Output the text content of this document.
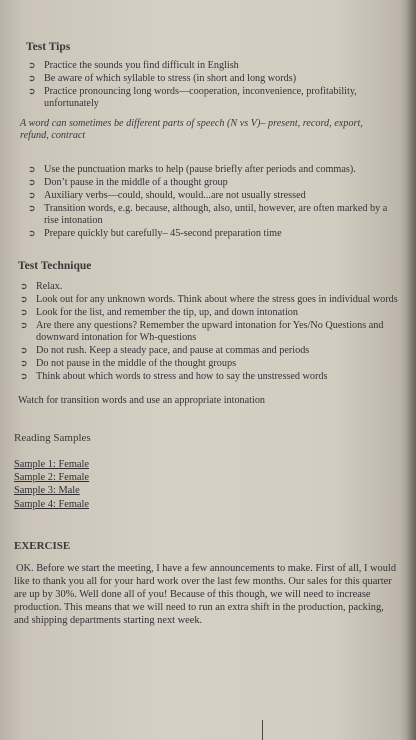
Test Tips
➲ Practice the sounds you find difficult in English
➲ Be aware of which syllable to stress (in short and long words)
➲ Practice pronouncing long words—cooperation, inconvenience, profitability, unfortunately
A word can sometimes be different parts of speech (N vs V)– present, record, export, refund, contract
➲ Use the punctuation marks to help (pause briefly after periods and commas).
➲ Don’t pause in the middle of a thought group
➲ Auxiliary verbs—could, should, would...are not usually stressed
➲ Transition words, e.g. because, although, also, until, however, are often marked by a rise intonation
➲ Prepare quickly but carefully– 45-second preparation time
Test Technique
➲ Relax.
➲ Look out for any unknown words. Think about where the stress goes in individual words
➲ Look for the list, and remember the tip, up, and down intonation
➲ Are there any questions? Remember the upward intonation for Yes/No Questions and downward intonation for Wh-questions
➲ Do not rush. Keep a steady pace, and pause at commas and periods
➲ Do not pause in the middle of the thought groups
➲ Think about which words to stress and how to say the unstressed words
Watch for transition words and use an appropriate intonation
Reading Samples
Sample 1: Female
Sample 2: Female
Sample 3: Male
Sample 4: Female
EXERCISE
OK. Before we start the meeting, I have a few announcements to make. First of all, I would like to thank you all for your hard work over the last few months. Our sales for this quarter are up by 30%. Well done all of you! Because of this though, we will need to increase production. This means that we will need to run an extra shift in the production, packing, and shipping departments starting next week.
